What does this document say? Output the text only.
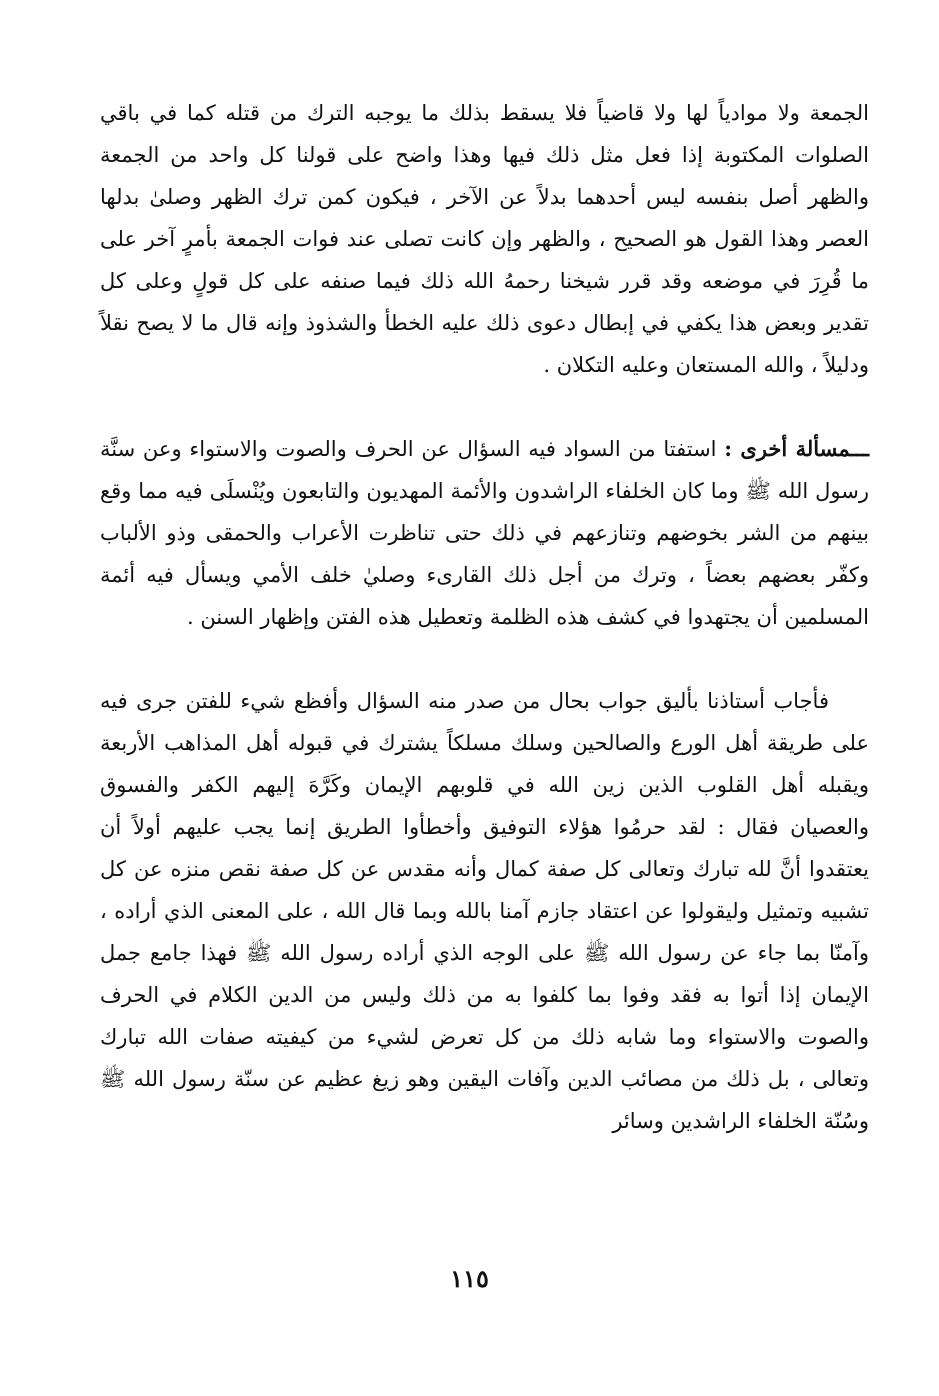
الجمعة ولا موادياً لها ولا قاضياً فلا يسقط بذلك ما يوجبه الترك من قتله كما في باقي الصلوات المكتوبة إذا فعل مثل ذلك فيها وهذا واضح على قولنا كل واحد من الجمعة والظهر أصل بنفسه ليس أحدهما بدلاً عن الآخر ، فيكون كمن ترك الظهر وصلىٰ بدلها العصر وهذا القول هو الصحيح ، والظهر وإن كانت تصلى عند فوات الجمعة بأمرٍ آخر على ما قُرِرَ في موضعه وقد قرر شيخنا رحمهُ الله ذلك فيما صنفه على كل قولٍ وعلى كل تقدير وبعض هذا يكفي في إبطال دعوى ذلك عليه الخطأ والشذوذ وإنه قال ما لا يصح نقلاً ودليلاً ، والله المستعان وعليه التكلان .

ـــمسألة أخرى : استفتا من السواد فيه السؤال عن الحرف والصوت والاستواء وعن سنَّة رسول الله ﷺ وما كان الخلفاء الراشدون والأئمة المهديون والتابعون ويُنْسلَى فيه مما وقع بينهم من الشر بخوضهم وتنازعهم في ذلك حتى تناظرت الأعراب والحمقى وذو الألباب وكفّر بعضهم بعضاً ، وترك من أجل ذلك القارىء وصليٰ خلف الأمي ويسأل فيه أئمة المسلمين أن يجتهدوا في كشف هذه الظلمة وتعطيل هذه الفتن وإظهار السنن .

فأجاب أستاذنا بأليق جواب بحال من صدر منه السؤال وأفظع شيء للفتن جرى فيه على طريقة أهل الورع والصالحين وسلك مسلكاً يشترك في قبوله أهل المذاهب الأربعة ويقبله أهل القلوب الذين زين الله في قلوبهم الإيمان وكَرَّهَ إليهم الكفر والفسوق والعصيان فقال : لقد حرمُوا هؤلاء التوفيق وأخطأوا الطريق إنما يجب عليهم أولاً أن يعتقدوا أنَّ لله تبارك وتعالى كل صفة كمال وأنه مقدس عن كل صفة نقص منزه عن كل تشبيه وتمثيل وليقولوا عن اعتقاد جازم آمنا بالله وبما قال الله ، على المعنى الذي أراده ، وآمنّا بما جاء عن رسول الله ﷺ على الوجه الذي أراده رسول الله ﷺ فهذا جامع جمل الإيمان إذا أتوا به فقد وفوا بما كلفوا به من ذلك وليس من الدين الكلام في الحرف والصوت والاستواء وما شابه ذلك من كل تعرض لشيء من كيفيته صفات الله تبارك وتعالى ، بل ذلك من مصائب الدين وآفات اليقين وهو زيغ عظيم عن سنّة رسول الله ﷺ وسُنّة الخلفاء الراشدين وسائر

١١٥
